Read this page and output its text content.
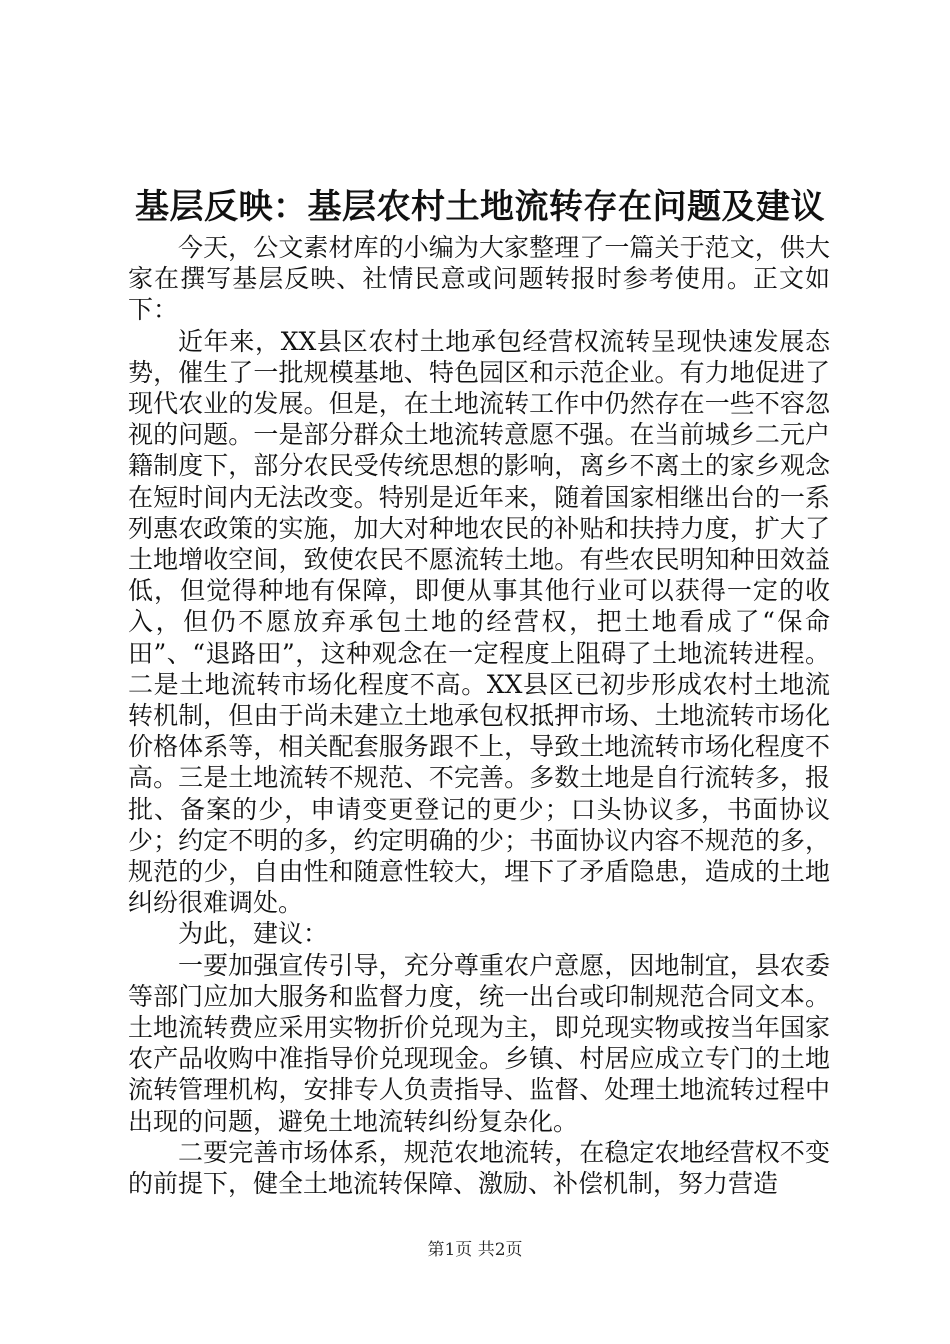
基层反映：基层农村土地流转存在问题及建议

今天，公文素材库的小编为大家整理了一篇关于范文，供大家在撰写基层反映、社情民意或问题转报时参考使用。正文如下：

近年来，XX县区农村土地承包经营权流转呈现快速发展态势，催生了一批规模基地、特色园区和示范企业。有力地促进了现代农业的发展。但是，在土地流转工作中仍然存在一些不容忽视的问题。一是部分群众土地流转意愿不强。在当前城乡二元户籍制度下，部分农民受传统思想的影响，离乡不离土的家乡观念在短时间内无法改变。特别是近年来，随着国家相继出台的一系列惠农政策的实施，加大对种地农民的补贴和扶持力度，扩大了土地增收空间，致使农民不愿流转土地。有些农民明知种田效益低，但觉得种地有保障，即便从事其他行业可以获得一定的收入，但仍不愿放弃承包土地的经营权，把土地看成了“保命田”、“退路田”，这种观念在一定程度上阻碍了土地流转进程。二是土地流转市场化程度不高。XX县区已初步形成农村土地流转机制，但由于尚未建立土地承包权抵押市场、土地流转市场化价格体系等，相关配套服务跟不上，导致土地流转市场化程度不高。三是土地流转不规范、不完善。多数土地是自行流转多，报批、备案的少，申请变更登记的更少；口头协议多，书面协议少；约定不明的多，约定明确的少；书面协议内容不规范的多，规范的少，自由性和随意性较大，埋下了矛盾隐患，造成的土地纠纷很难调处。

为此，建议：

一要加强宣传引导，充分尊重农户意愿，因地制宜，县农委等部门应加大服务和监督力度，统一出台或印制规范合同文本。土地流转费应采用实物折价兑现为主，即兑现实物或按当年国家农产品收购中准指导价兑现现金。乡镇、村居应成立专门的土地流转管理机构，安排专人负责指导、监督、处理土地流转过程中出现的问题，避免土地流转纠纷复杂化。

二要完善市场体系，规范农地流转，在稳定农地经营权不变的前提下，健全土地流转保障、激励、补偿机制，努力营造

第1页 共2页
